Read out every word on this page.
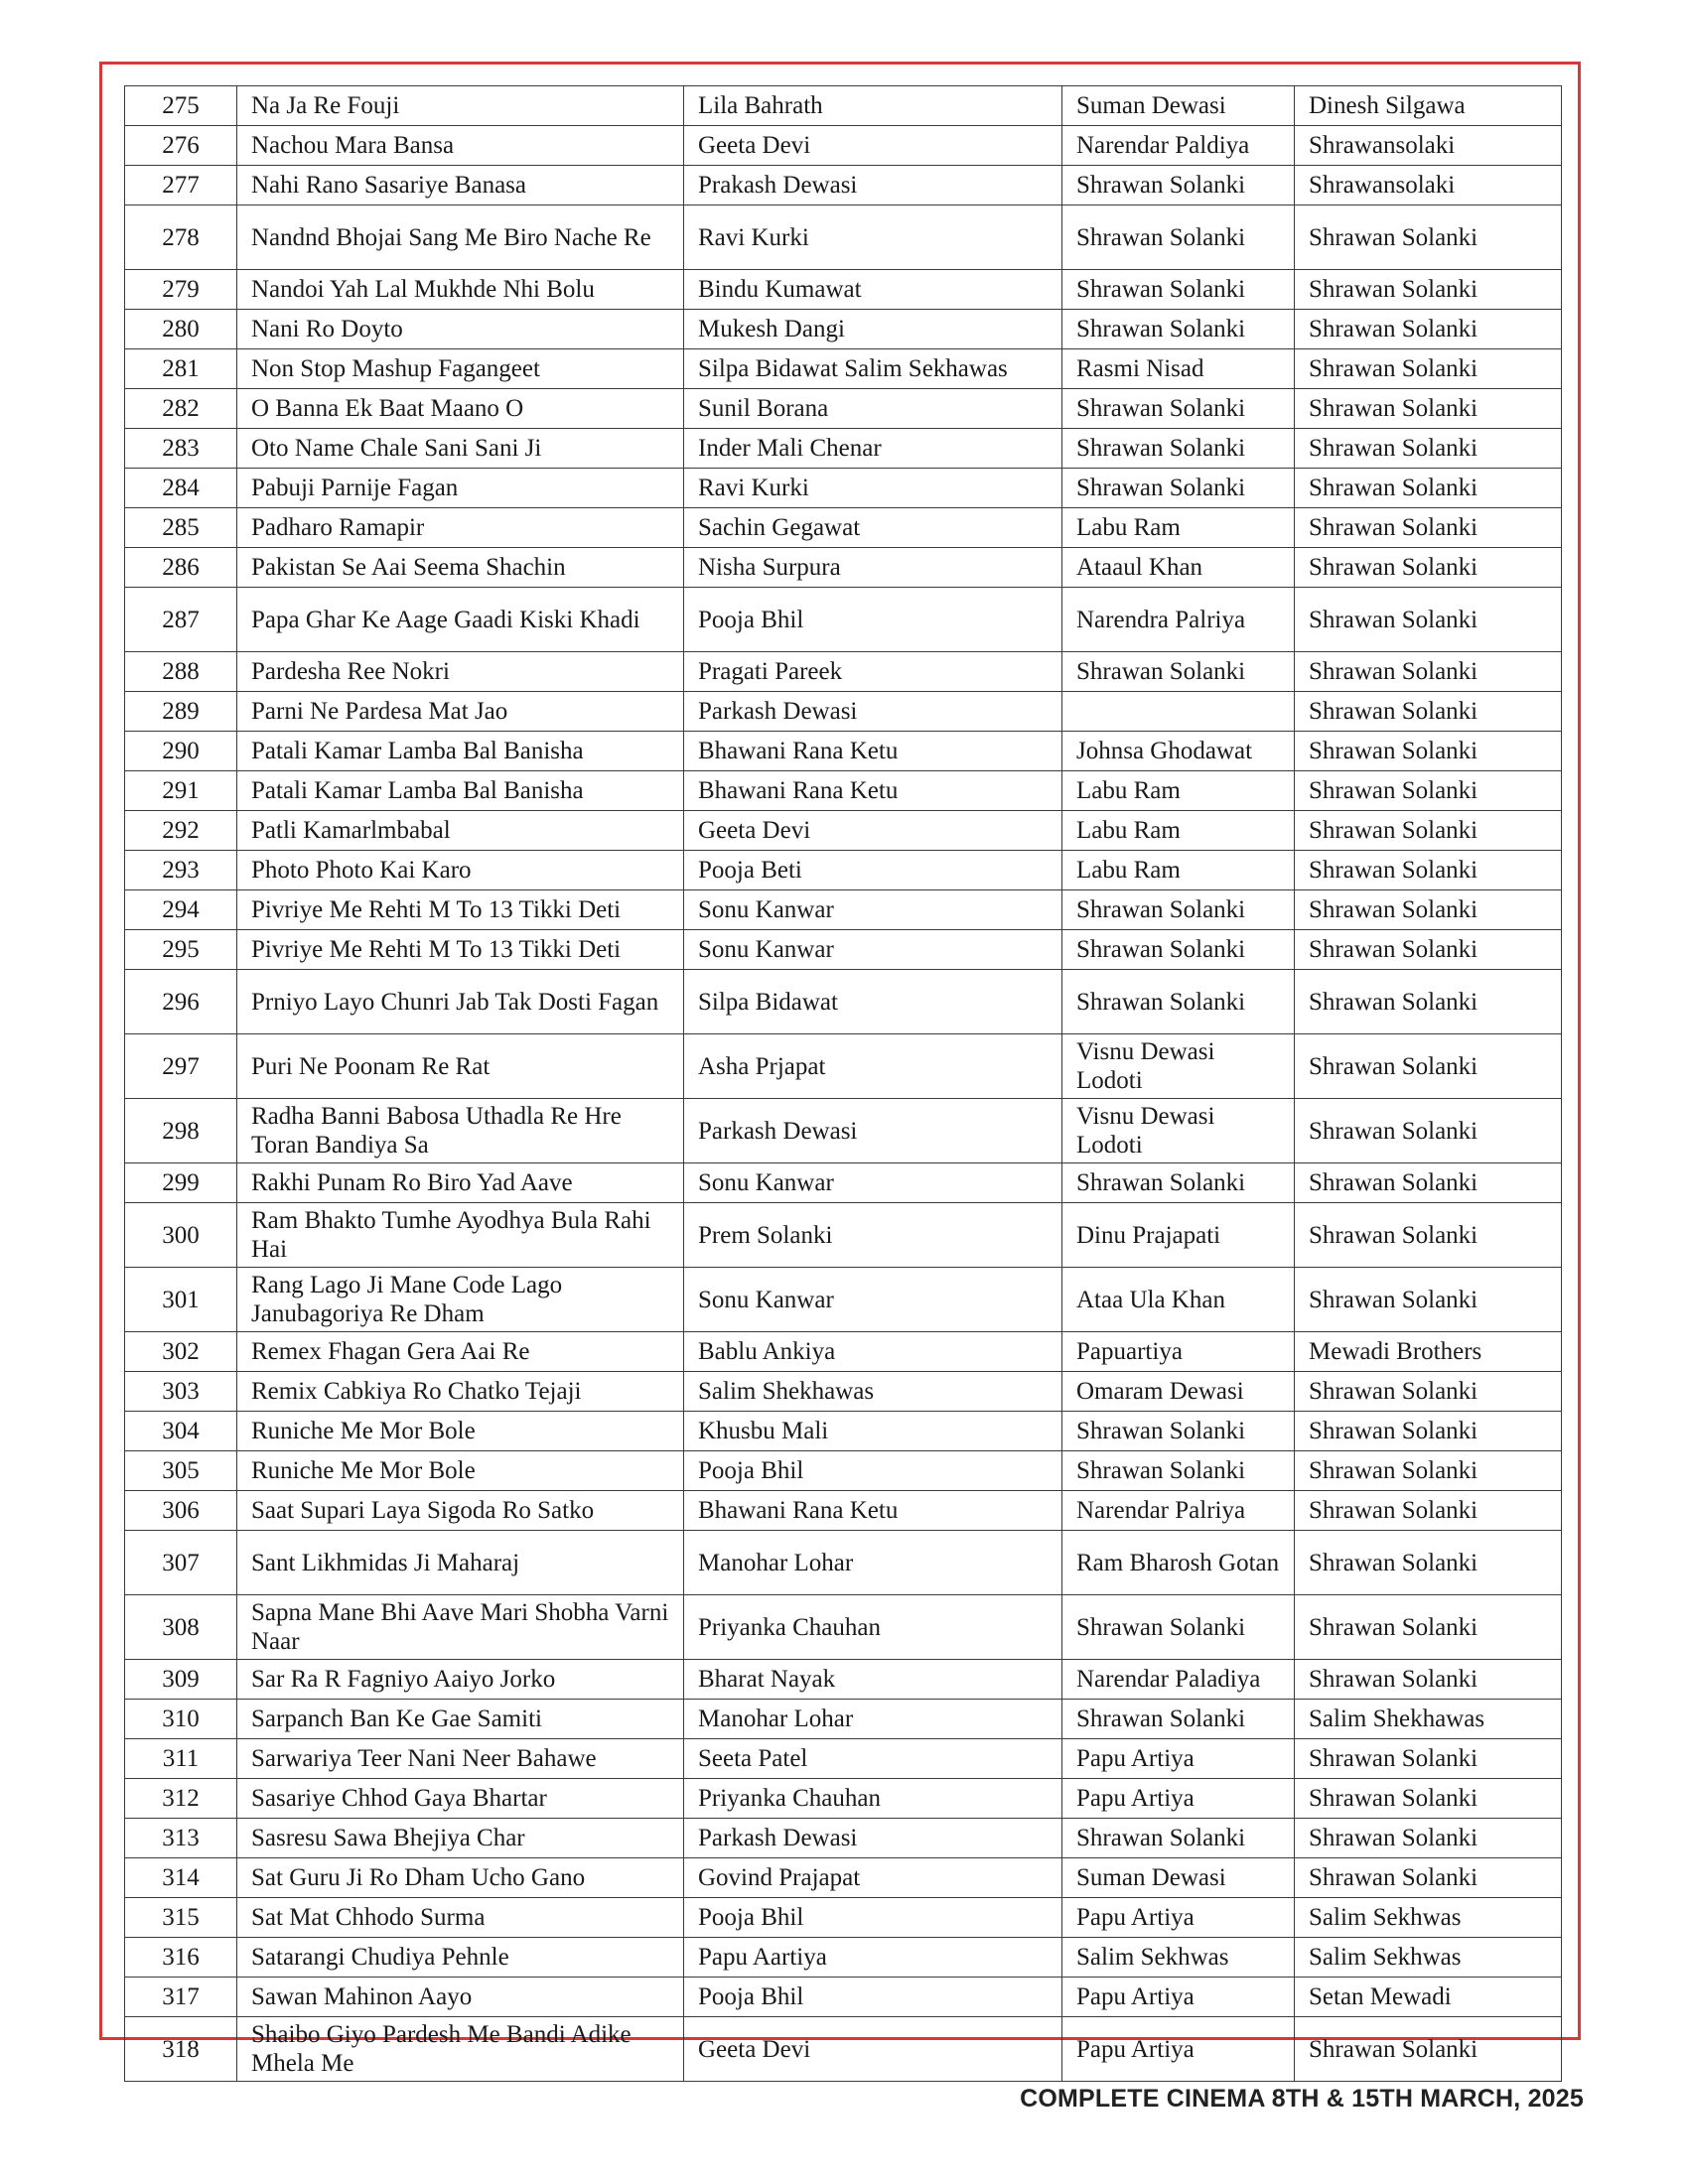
275	Na Ja Re Fouji	Lila Bahrath	Suman Dewasi	Dinesh Silgawa
276	Nachou Mara Bansa	Geeta Devi	Narendar Paldiya	Shrawansolaki
277	Nahi Rano Sasariye Banasa	Prakash Dewasi	Shrawan Solanki	Shrawansolaki
278	Nandnd Bhojai Sang Me Biro Nache Re	Ravi Kurki	Shrawan Solanki	Shrawan Solanki
279	Nandoi Yah Lal Mukhde Nhi Bolu	Bindu Kumawat	Shrawan Solanki	Shrawan Solanki
280	Nani Ro Doyto	Mukesh Dangi	Shrawan Solanki	Shrawan Solanki
281	Non Stop Mashup Fagangeet	Silpa Bidawat Salim Sekhawas	Rasmi Nisad	Shrawan Solanki
282	O Banna Ek Baat Maano O	Sunil Borana	Shrawan Solanki	Shrawan Solanki
283	Oto Name Chale Sani Sani Ji	Inder Mali Chenar	Shrawan Solanki	Shrawan Solanki
284	Pabuji Parnije Fagan	Ravi Kurki	Shrawan Solanki	Shrawan Solanki
285	Padharo Ramapir	Sachin Gegawat	Labu Ram	Shrawan Solanki
286	Pakistan Se Aai Seema Shachin	Nisha Surpura	Ataaul Khan	Shrawan Solanki
287	Papa Ghar Ke Aage Gaadi Kiski Khadi	Pooja Bhil	Narendra Palriya	Shrawan Solanki
288	Pardesha Ree Nokri	Pragati Pareek	Shrawan Solanki	Shrawan Solanki
289	Parni Ne Pardesa Mat Jao	Parkash Dewasi		Shrawan Solanki
290	Patali Kamar Lamba Bal Banisha	Bhawani Rana Ketu	Johnsa Ghodawat	Shrawan Solanki
291	Patali Kamar Lamba Bal Banisha	Bhawani Rana Ketu	Labu Ram	Shrawan Solanki
292	Patli Kamarlmbabal	Geeta Devi	Labu Ram	Shrawan Solanki
293	Photo Photo Kai Karo	Pooja Beti	Labu Ram	Shrawan Solanki
294	Pivriye Me Rehti M To 13 Tikki Deti	Sonu Kanwar	Shrawan Solanki	Shrawan Solanki
295	Pivriye Me Rehti M To 13 Tikki Deti	Sonu Kanwar	Shrawan Solanki	Shrawan Solanki
296	Prniyo Layo Chunri Jab Tak Dosti Fagan	Silpa Bidawat	Shrawan Solanki	Shrawan Solanki
297	Puri Ne Poonam Re Rat	Asha Prjapat	Visnu Dewasi Lodoti	Shrawan Solanki
298	Radha Banni Babosa Uthadla Re Hre Toran Bandiya Sa	Parkash Dewasi	Visnu Dewasi Lodoti	Shrawan Solanki
299	Rakhi Punam Ro Biro Yad Aave	Sonu Kanwar	Shrawan Solanki	Shrawan Solanki
300	Ram Bhakto Tumhe Ayodhya Bula Rahi Hai	Prem Solanki	Dinu Prajapati	Shrawan Solanki
301	Rang Lago Ji Mane Code Lago Janubagoriya Re Dham	Sonu Kanwar	Ataa Ula Khan	Shrawan Solanki
302	Remex Fhagan Gera Aai Re	Bablu Ankiya	Papuartiya	Mewadi Brothers
303	Remix Cabkiya Ro Chatko Tejaji	Salim Shekhawas	Omaram Dewasi	Shrawan Solanki
304	Runiche Me Mor Bole	Khusbu Mali	Shrawan Solanki	Shrawan Solanki
305	Runiche Me Mor Bole	Pooja Bhil	Shrawan Solanki	Shrawan Solanki
306	Saat Supari Laya Sigoda Ro Satko	Bhawani Rana Ketu	Narendar Palriya	Shrawan Solanki
307	Sant Likhmidas Ji Maharaj	Manohar Lohar	Ram Bharosh Gotan	Shrawan Solanki
308	Sapna Mane Bhi Aave Mari Shobha Varni Naar	Priyanka Chauhan	Shrawan Solanki	Shrawan Solanki
309	Sar Ra R Fagniyo Aaiyo Jorko	Bharat Nayak	Narendar Paladiya	Shrawan Solanki
310	Sarpanch Ban Ke Gae Samiti	Manohar Lohar	Shrawan Solanki	Salim Shekhawas
311	Sarwariya Teer Nani Neer Bahawe	Seeta Patel	Papu Artiya	Shrawan Solanki
312	Sasariye Chhod Gaya Bhartar	Priyanka Chauhan	Papu Artiya	Shrawan Solanki
313	Sasresu Sawa Bhejiya Char	Parkash Dewasi	Shrawan Solanki	Shrawan Solanki
314	Sat Guru Ji Ro Dham Ucho Gano	Govind Prajapat	Suman Dewasi	Shrawan Solanki
315	Sat Mat Chhodo Surma	Pooja Bhil	Papu Artiya	Salim Sekhwas
316	Satarangi Chudiya Pehnle	Papu Aartiya	Salim Sekhwas	Salim Sekhwas
317	Sawan Mahinon Aayo	Pooja Bhil	Papu Artiya	Setan Mewadi
318	Shaibo Giyo Pardesh Me Bandi Adike Mhela Me	Geeta Devi	Papu Artiya	Shrawan Solanki
COMPLETE CINEMA 8TH & 15TH MARCH, 2025
